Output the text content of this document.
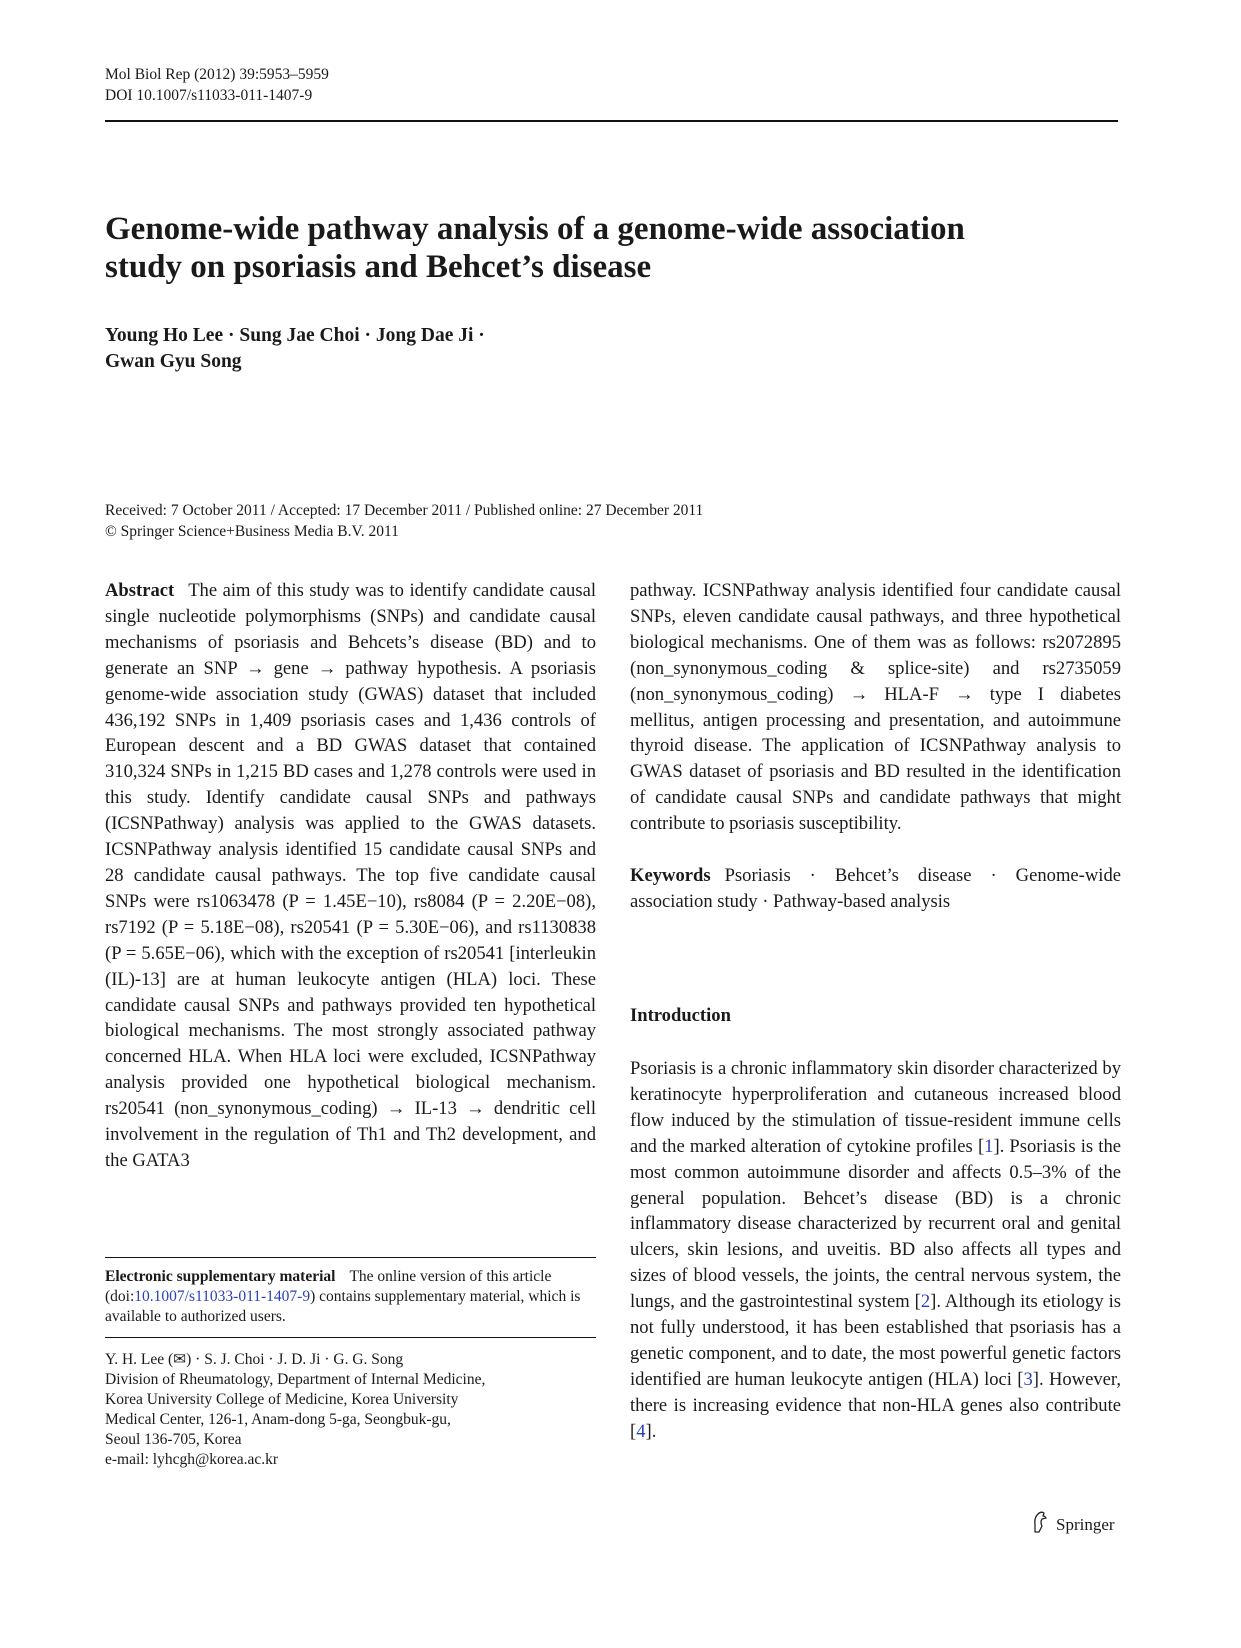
Mol Biol Rep (2012) 39:5953–5959
DOI 10.1007/s11033-011-1407-9
Genome-wide pathway analysis of a genome-wide association study on psoriasis and Behcet’s disease
Young Ho Lee · Sung Jae Choi · Jong Dae Ji ·
Gwan Gyu Song
Received: 7 October 2011 / Accepted: 17 December 2011 / Published online: 27 December 2011
© Springer Science+Business Media B.V. 2011

Abstract The aim of this study was to identify candidate causal single nucleotide polymorphisms (SNPs) and candidate causal mechanisms of psoriasis and Behcets’s disease (BD) and to generate an SNP → gene → pathway hypothesis. A psoriasis genome-wide association study (GWAS) dataset that included 436,192 SNPs in 1,409 psoriasis cases and 1,436 controls of European descent and a BD GWAS dataset that contained 310,324 SNPs in 1,215 BD cases and 1,278 controls were used in this study. Identify candidate causal SNPs and pathways (ICSNPathway) analysis was applied to the GWAS datasets. ICSNPathway analysis identified 15 candidate causal SNPs and 28 candidate causal pathways. The top five candidate causal SNPs were rs1063478 (P = 1.45E−10), rs8084 (P = 2.20E−08), rs7192 (P = 5.18E−08), rs20541 (P = 5.30E−06), and rs1130838 (P = 5.65E−06), which with the exception of rs20541 [interleukin (IL)-13] are at human leukocyte antigen (HLA) loci. These candidate causal SNPs and pathways provided ten hypothetical biological mechanisms. The most strongly associated pathway concerned HLA. When HLA loci were excluded, ICSNPathway analysis provided one hypothetical biological mechanism. rs20541 (non_synonymous_coding) → IL-13 → dendritic cell involvement in the regulation of Th1 and Th2 development, and the GATA3

pathway. ICSNPathway analysis identified four candidate causal SNPs, eleven candidate causal pathways, and three hypothetical biological mechanisms. One of them was as follows: rs2072895 (non_synonymous_coding & splice-site) and rs2735059 (non_synonymous_coding) → HLA-F → type I diabetes mellitus, antigen processing and presentation, and autoimmune thyroid disease. The application of ICSNPathway analysis to GWAS dataset of psoriasis and BD resulted in the identification of candidate causal SNPs and candidate pathways that might contribute to psoriasis susceptibility.

Keywords Psoriasis · Behcet’s disease · Genome-wide association study · Pathway-based analysis

Introduction

Psoriasis is a chronic inflammatory skin disorder characterized by keratinocyte hyperproliferation and cutaneous increased blood flow induced by the stimulation of tissue-resident immune cells and the marked alteration of cytokine profiles [1]. Psoriasis is the most common autoimmune disorder and affects 0.5–3% of the general population. Behcet’s disease (BD) is a chronic inflammatory disease characterized by recurrent oral and genital ulcers, skin lesions, and uveitis. BD also affects all types and sizes of blood vessels, the joints, the central nervous system, the lungs, and the gastrointestinal system [2]. Although its etiology is not fully understood, it has been established that psoriasis has a genetic component, and to date, the most powerful genetic factors identified are human leukocyte antigen (HLA) loci [3]. However, there is increasing evidence that non-HLA genes also contribute [4].

Electronic supplementary material The online version of this article (doi:10.1007/s11033-011-1407-9) contains supplementary material, which is available to authorized users.
Y. H. Lee (✉) · S. J. Choi · J. D. Ji · G. G. Song
Division of Rheumatology, Department of Internal Medicine,
Korea University College of Medicine, Korea University
Medical Center, 126-1, Anam-dong 5-ga, Seongbuk-gu,
Seoul 136-705, Korea
e-mail: lyhcgh@korea.ac.kr
Springer
